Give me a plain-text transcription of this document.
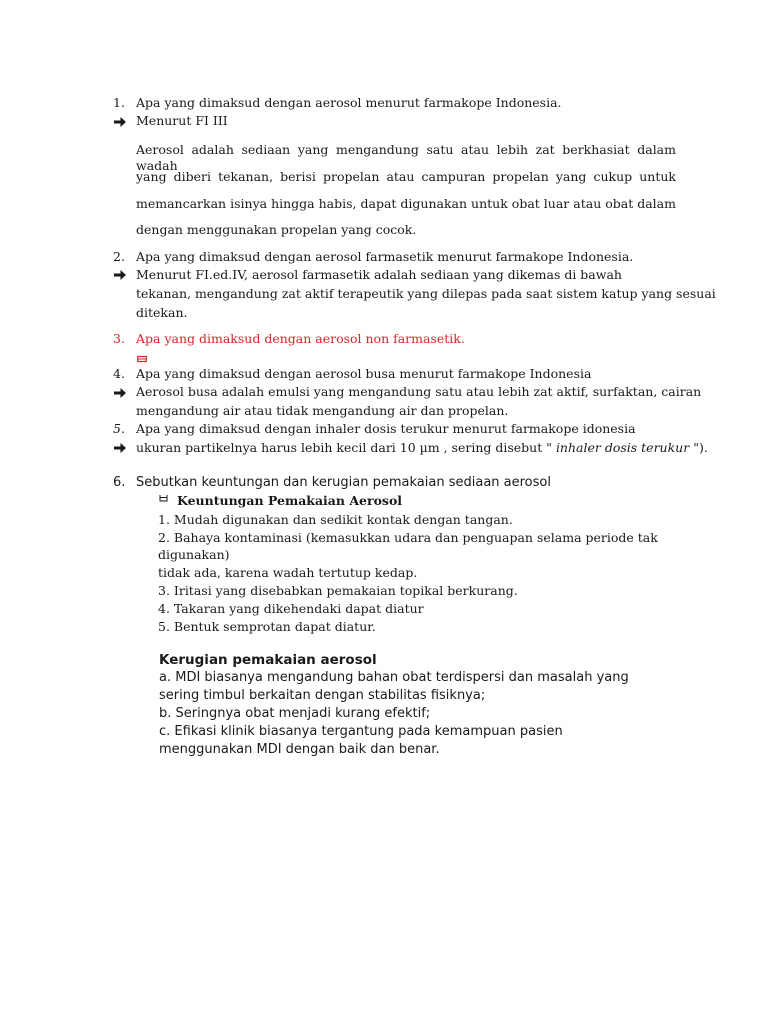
1. Apa yang dimaksud dengan aerosol menurut farmakope Indonesia.
Menurut FI III
Aerosol adalah sediaan yang mengandung satu atau lebih zat berkhasiat dalam wadah
yang diberi tekanan, berisi propelan atau campuran propelan yang cukup untuk
memancarkan isinya hingga habis, dapat digunakan untuk obat luar atau obat dalam
dengan menggunakan propelan yang cocok.
2. Apa yang dimaksud dengan aerosol farmasetik menurut farmakope Indonesia.
Menurut FI.ed.IV, aerosol farmasetik adalah sediaan yang dikemas di bawah
tekanan, mengandung zat aktif terapeutik yang dilepas pada saat sistem katup yang sesuai
ditekan.
3. Apa yang dimaksud dengan aerosol non farmasetik.
4. Apa yang dimaksud dengan aerosol busa menurut farmakope Indonesia
Aerosol busa adalah emulsi yang mengandung satu atau lebih zat aktif, surfaktan, cairan
mengandung air atau tidak mengandung air dan propelan.
5. Apa yang dimaksud dengan inhaler dosis terukur menurut farmakope idonesia
ukuran partikelnya harus lebih kecil dari 10 µm , sering disebut " inhaler dosis terukur ").
6. Sebutkan keuntungan dan kerugian pemakaian sediaan aerosol
Keuntungan Pemakaian Aerosol
1. Mudah digunakan dan sedikit kontak dengan tangan.
2. Bahaya kontaminasi (kemasukkan udara dan penguapan selama periode tak
digunakan)
tidak ada, karena wadah tertutup kedap.
3. Iritasi yang disebabkan pemakaian topikal berkurang.
4. Takaran yang dikehendaki dapat diatur
5. Bentuk semprotan dapat diatur.
Kerugian pemakaian aerosol
a. MDI biasanya mengandung bahan obat terdispersi dan masalah yang
sering timbul berkaitan dengan stabilitas fisiknya;
b. Seringnya obat menjadi kurang efektif;
c. Efikasi klinik biasanya tergantung pada kemampuan pasien
menggunakan MDI dengan baik dan benar.
